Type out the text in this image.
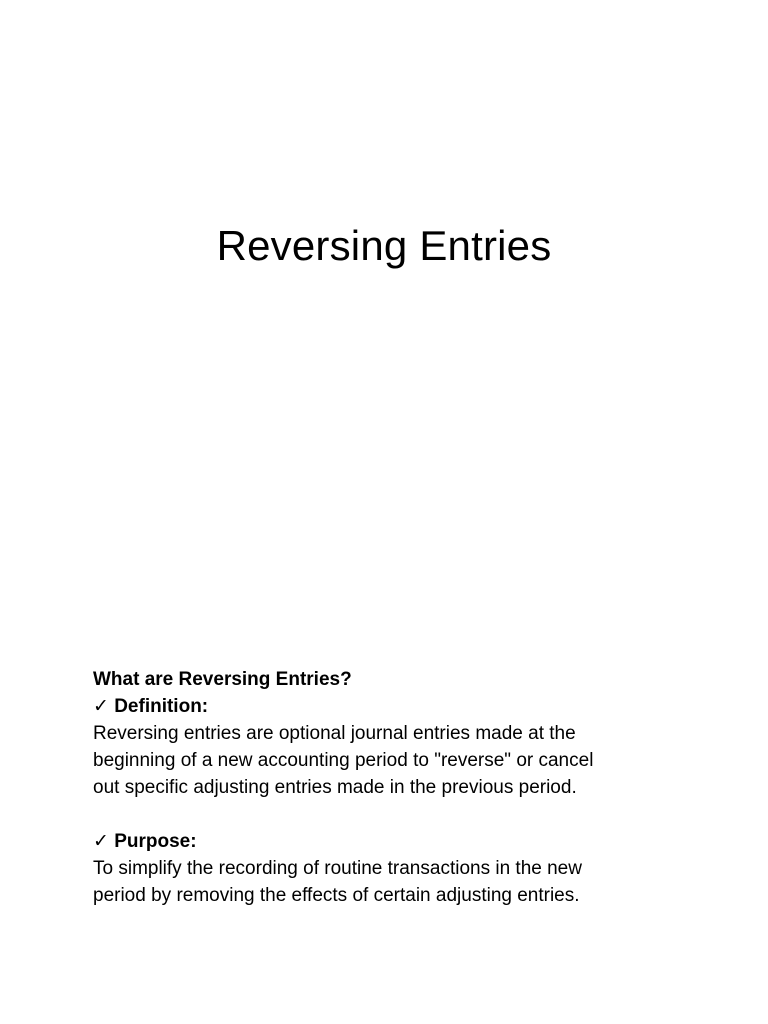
Reversing Entries

What are Reversing Entries?

✓ Definition:

Reversing entries are optional journal entries made at the

beginning of a new accounting period to "reverse" or cancel

out specific adjusting entries made in the previous period.

✓ Purpose:

To simplify the recording of routine transactions in the new

period by removing the effects of certain adjusting entries.
